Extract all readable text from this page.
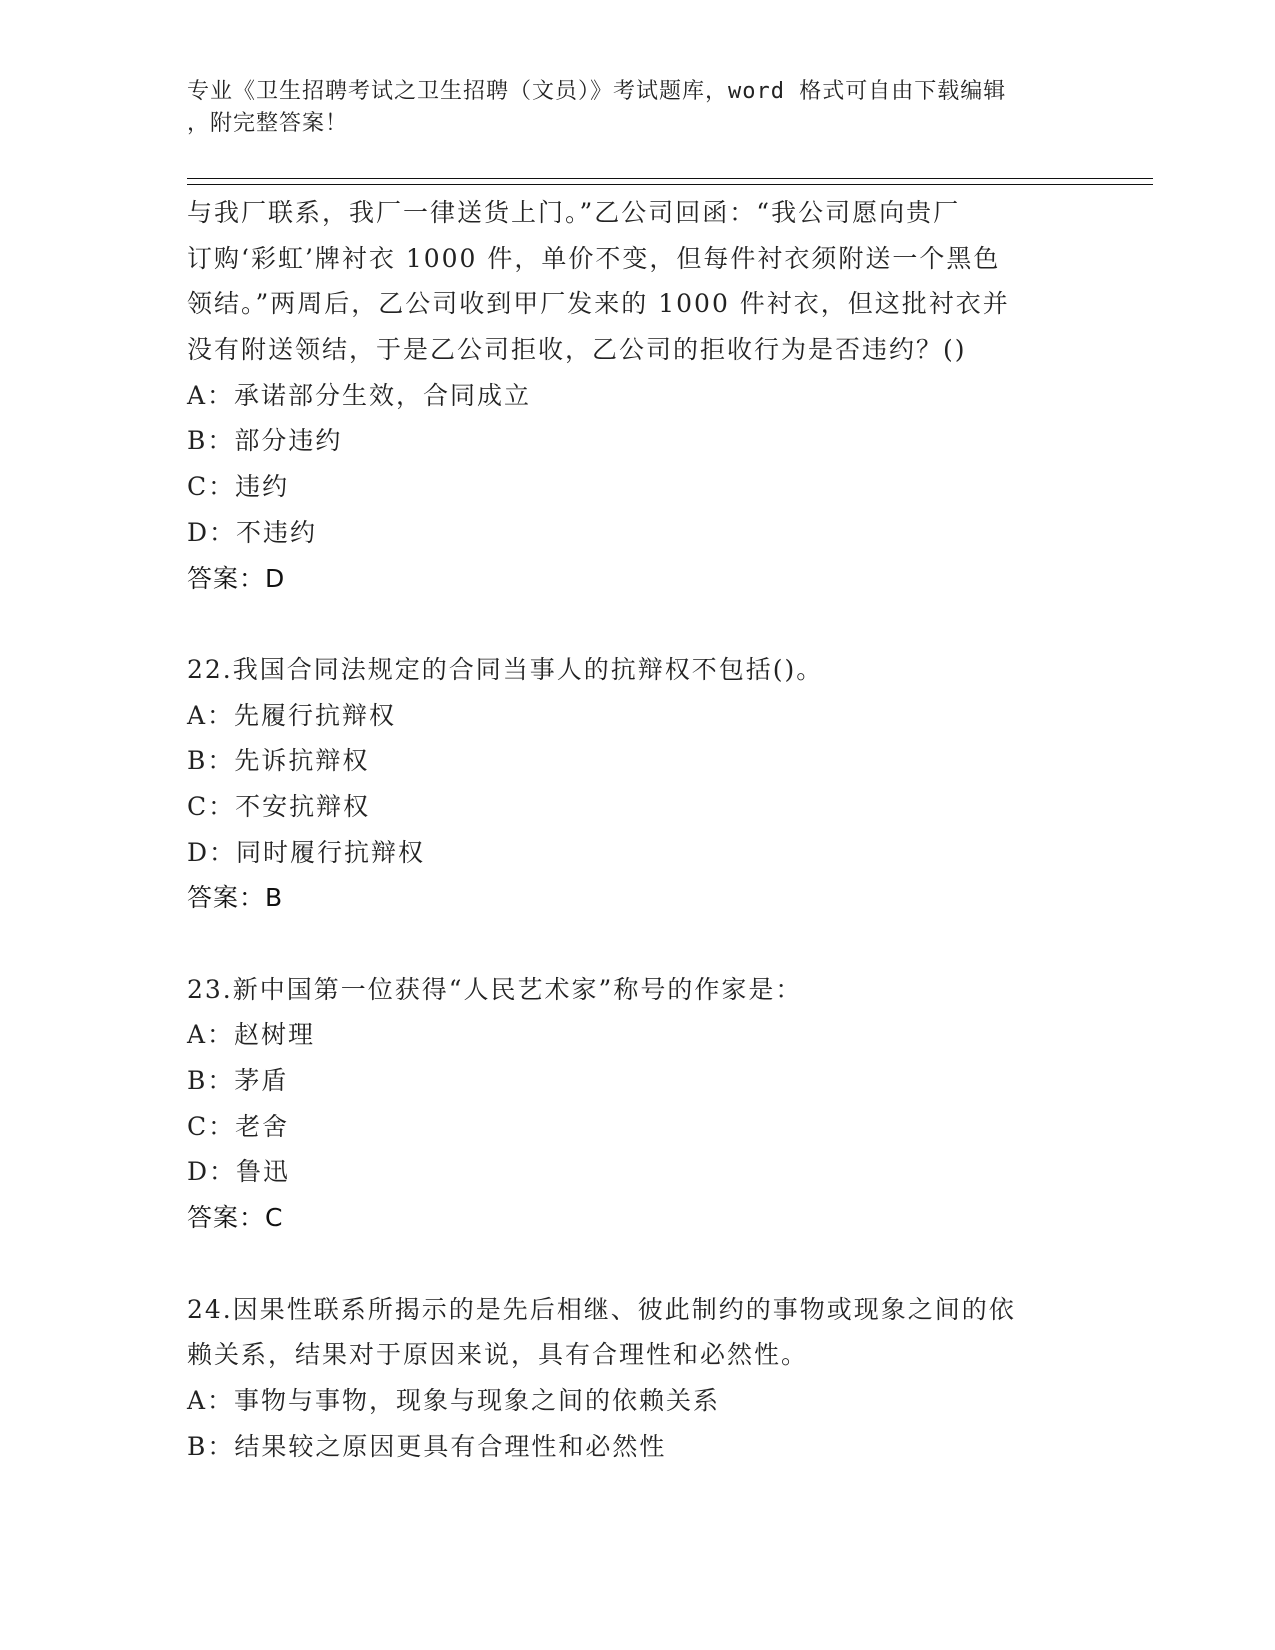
专业《卫生招聘考试之卫生招聘（文员）》考试题库，word 格式可自由下载编辑
，附完整答案！
与我厂联系，我厂一律送货上门。”乙公司回函：“我公司愿向贵厂
订购‘彩虹’牌衬衣 1000 件，单价不变，但每件衬衣须附送一个黑色
领结。”两周后，乙公司收到甲厂发来的 1000 件衬衣，但这批衬衣并
没有附送领结，于是乙公司拒收，乙公司的拒收行为是否违约？()
A：承诺部分生效，合同成立
B：部分违约
C：违约
D：不违约
答案：D
22.我国合同法规定的合同当事人的抗辩权不包括()。
A：先履行抗辩权
B：先诉抗辩权
C：不安抗辩权
D：同时履行抗辩权
答案：B
23.新中国第一位获得“人民艺术家”称号的作家是：
A：赵树理
B：茅盾
C：老舍
D：鲁迅
答案：C
24.因果性联系所揭示的是先后相继、彼此制约的事物或现象之间的依
赖关系，结果对于原因来说，具有合理性和必然性。
A：事物与事物，现象与现象之间的依赖关系
B：结果较之原因更具有合理性和必然性
